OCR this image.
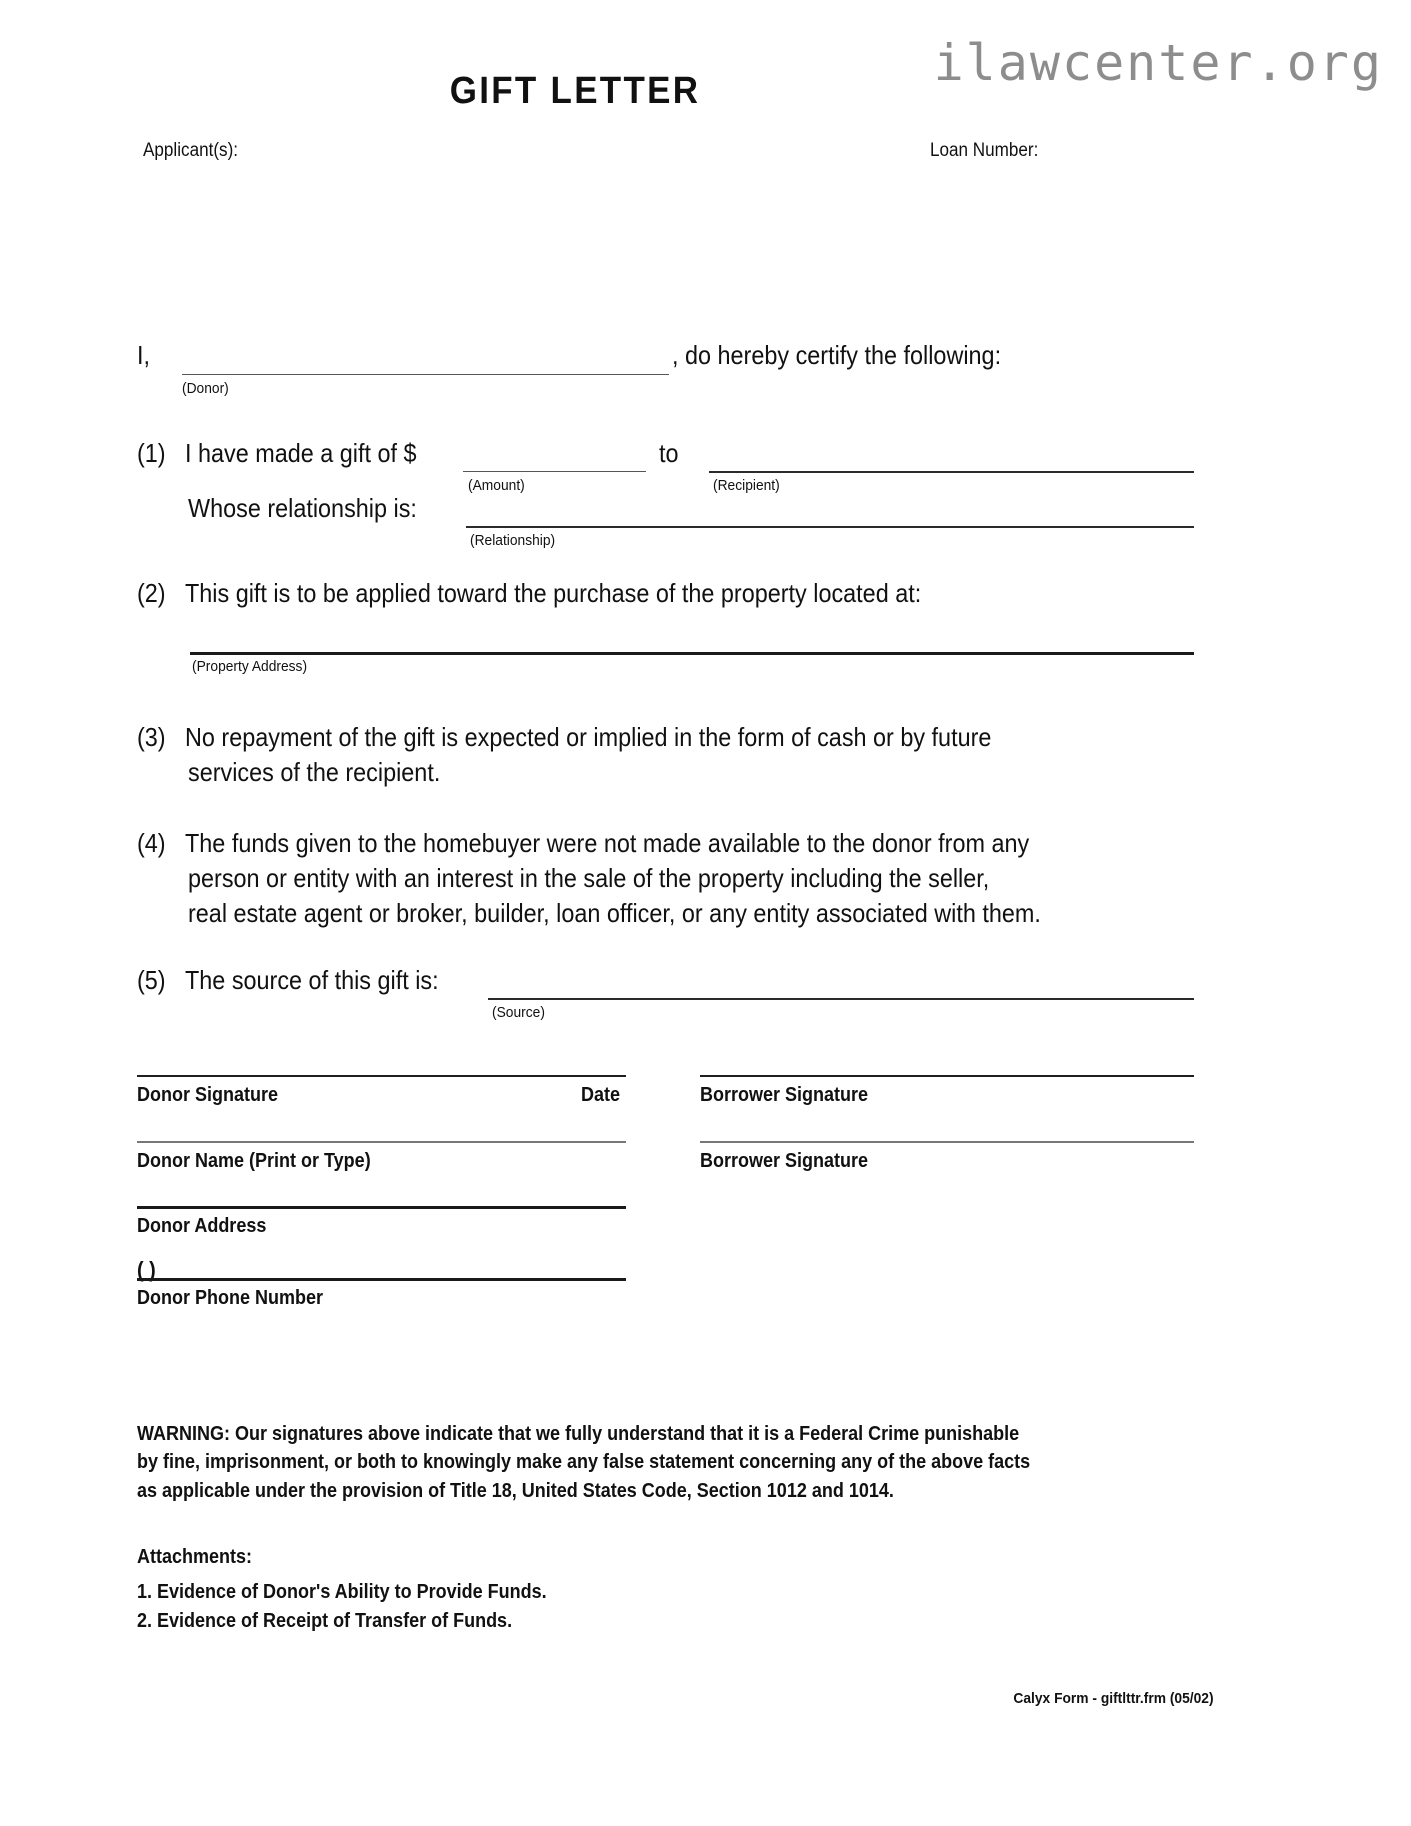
ilawcenter.org
GIFT LETTER
Applicant(s):	Loan Number:
I,	, do hereby certify the following:
(Donor)
(1) I have made a gift of $
(Amount)
to
(Recipient)
Whose relationship is:
(Relationship)
(2) This gift is to be applied toward the purchase of the property located at:
(Property Address)
(3) No repayment of the gift is expected or implied in the form of cash or by future
services of the recipient.
(4) The funds given to the homebuyer were not made available to the donor from any
person or entity with an interest in the sale of the property including the seller,
real estate agent or broker, builder, loan officer, or any entity associated with them.
(5) The source of this gift is:
(Source)
Donor Signature	Date	Borrower Signature
Donor Name (Print or Type)	Borrower Signature
Donor Address
( )
Donor Phone Number
WARNING: Our signatures above indicate that we fully understand that it is a Federal Crime punishable
by fine, imprisonment, or both to knowingly make any false statement concerning any of the above facts
as applicable under the provision of Title 18, United States Code, Section 1012 and 1014.
Attachments:
1. Evidence of Donor's Ability to Provide Funds.
2. Evidence of Receipt of Transfer of Funds.
Calyx Form - giftlttr.frm (05/02)
